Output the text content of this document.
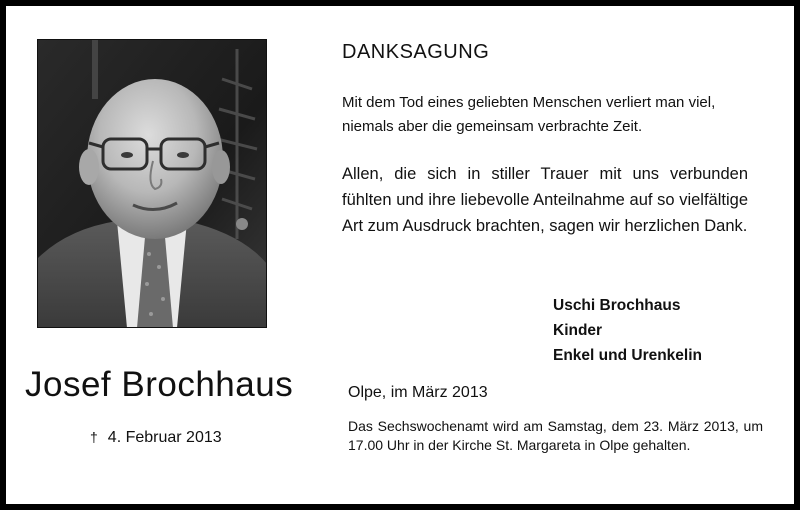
Josef Brochhaus
† 4. Februar 2013
DANKSAGUNG
Mit dem Tod eines geliebten Menschen verliert man viel, niemals aber die gemeinsam verbrachte Zeit.
Allen, die sich in stiller Trauer mit uns verbunden fühlten und ihre liebevolle Anteilnahme auf so vielfältige Art zum Ausdruck brachten, sagen wir herzlichen Dank.
Uschi Brochhaus
Kinder
Enkel und Urenkelin
Olpe, im März 2013
Das Sechswochenamt wird am Samstag, dem 23. März 2013, um 17.00 Uhr in der Kirche St. Margareta in Olpe gehalten.
